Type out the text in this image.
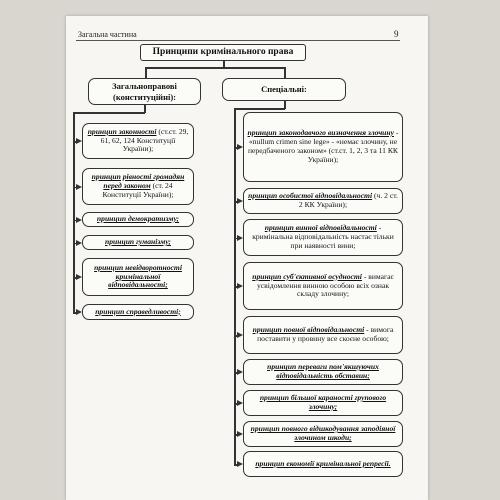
Загальна частина	9
Принципи кримінального права
Загальноправові (конституційні):
Спеціальні:
принцип законності (ст.ст. 29, 61, 62, 124 Конституції України);
принцип рівності громадян перед законом (ст. 24 Конституції України);
принцип демократизму;
принцип гуманізму;
принцип невідворотності кримінальної відповідальності;
принцип справедливості;
принцип законодавчого визначення злочину - «nullum crimen sine lege» - «немає злочину, не передбаченого законом» (ст.ст. 1, 2, 3 та 11 КК України);
принцип особистої відповідальності (ч. 2 ст. 2 КК України);
принцип винної відповідальності - кримінальна відповідальність настає тільки при наявності вини;
принцип суб'єктивної осудності - вимагає усвідомлення винною особою всіх ознак складу злочину;
принцип повної відповідальності - вимога поставити у провину все скоєне особою;
принцип переваги пом'якшуючих відповідальність обставин;
принцип більшої караності групового злочину;
принцип повного відшкодування заподіяної злочином шкоди;
принцип економії кримінальної репресії.
